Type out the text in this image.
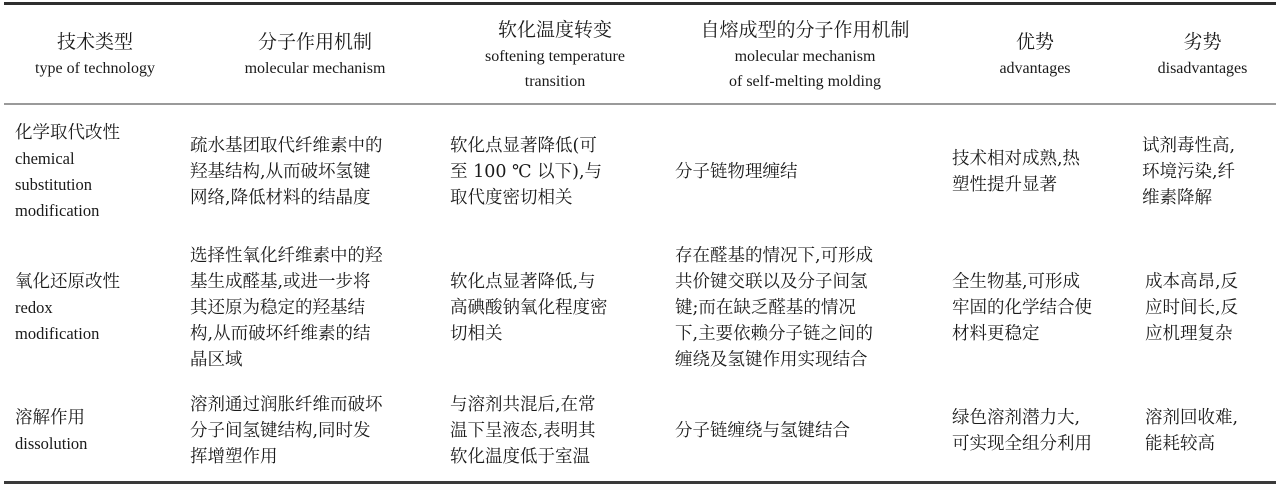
技术类型
type of technology
分子作用机制
molecular mechanism
软化温度转变
softening temperature
transition
自熔成型的分子作用机制
molecular mechanism
of self-melting molding
优势
advantages
劣势
disadvantages
化学取代改性
chemical
substitution
modification
疏水基团取代纤维素中的
羟基结构,从而破坏氢键
网络,降低材料的结晶度
软化点显著降低(可
至 100 ℃ 以下),与
取代度密切相关
分子链物理缠结
技术相对成熟,热
塑性提升显著
试剂毒性高,
环境污染,纤
维素降解
氧化还原改性
redox
modification
选择性氧化纤维素中的羟
基生成醛基,或进一步将
其还原为稳定的羟基结
构,从而破坏纤维素的结
晶区域
软化点显著降低,与
高碘酸钠氧化程度密
切相关
存在醛基的情况下,可形成
共价键交联以及分子间氢
键;而在缺乏醛基的情况
下,主要依赖分子链之间的
缠绕及氢键作用实现结合
全生物基,可形成
牢固的化学结合使
材料更稳定
成本高昂,反
应时间长,反
应机理复杂
溶解作用
dissolution
溶剂通过润胀纤维而破坏
分子间氢键结构,同时发
挥增塑作用
与溶剂共混后,在常
温下呈液态,表明其
软化温度低于室温
分子链缠绕与氢键结合
绿色溶剂潜力大,
可实现全组分利用
溶剂回收难,
能耗较高
